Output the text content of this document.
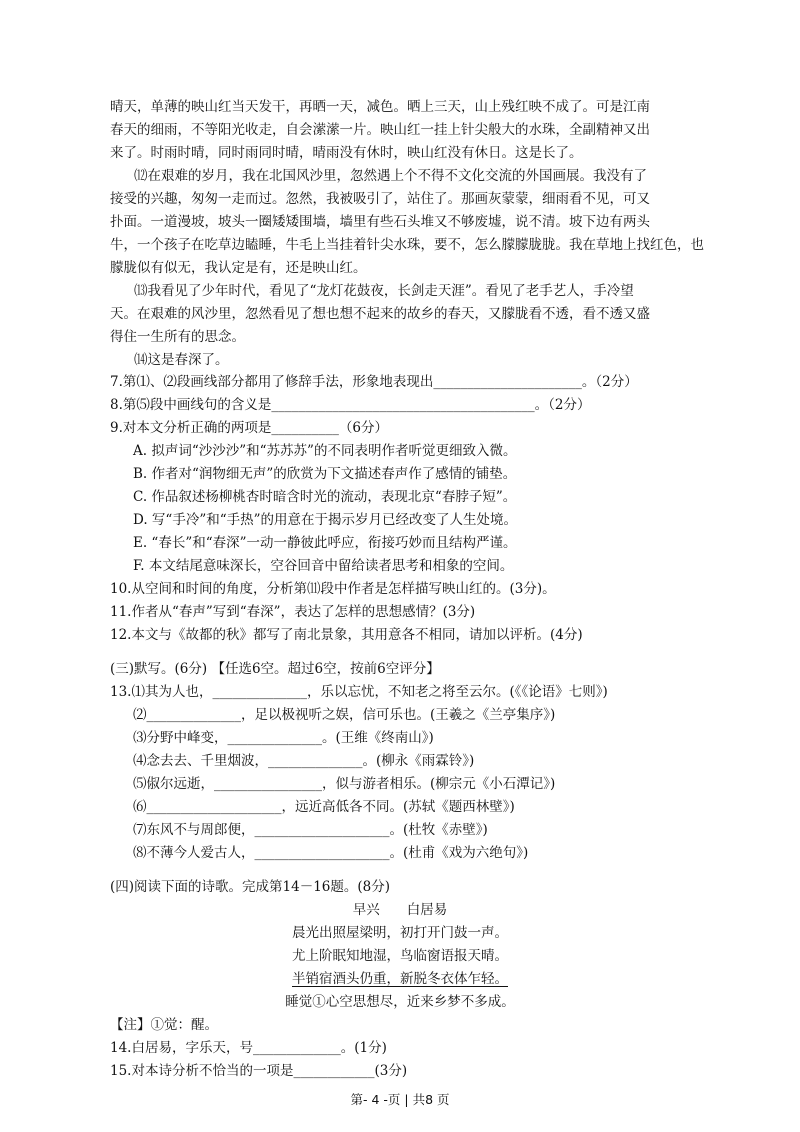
晴天，单薄的映山红当天发干，再晒一天，减色。晒上三天，山上残红映不成了。可是江南
春天的细雨，不等阳光收走，自会潆潆一片。映山红一挂上针尖般大的水珠，全副精神又出
来了。时雨时晴，同时雨同时晴，晴雨没有休时，映山红没有休日。这是长了。
⑿在艰难的岁月，我在北国风沙里，忽然遇上个不得不文化交流的外国画展。我没有了
接受的兴趣，匆匆一走而过。忽然，我被吸引了，站住了。那画灰蒙蒙，细雨看不见，可又
扑面。一道漫坡，坡头一圈矮矮围墙，墙里有些石头堆又不够废墟，说不清。坡下边有两头
牛，一个孩子在吃草边瞌睡，牛毛上当挂着针尖水珠，要不，怎么朦朦胧胧。我在草地上找红色，也
朦胧似有似无，我认定是有，还是映山红。
⒀我看见了少年时代，看见了“龙灯花鼓夜，长剑走天涯”。看见了老手艺人，手冷望
天。在艰难的风沙里，忽然看见了想也想不起来的故乡的春天，又朦胧看不透，看不透又盛
得住一生所有的思念。
⒁这是春深了。
7.第⑴、⑵段画线部分都用了修辞手法，形象地表现出______________________。（2分）
8.第⑸段中画线句的含义是_______________________________________。（2分）
9.对本文分析正确的两项是__________（6分）
A. 拟声词“沙沙沙”和“苏苏苏”的不同表明作者听觉更细致入微。
B. 作者对“润物细无声”的欣赏为下文描述春声作了感情的铺垫。
C. 作品叙述杨柳桃杏时暗含时光的流动，表现北京“春脖子短”。
D. 写“手冷”和“手热”的用意在于揭示岁月已经改变了人生处境。
E. “春长”和“春深”一动一静彼此呼应，衔接巧妙而且结构严谨。
F. 本文结尾意味深长，空谷回音中留给读者思考和相象的空间。
10.从空间和时间的角度，分析第⑾段中作者是怎样描写映山红的。(3分)。
11.作者从“春声”写到“春深”，表达了怎样的思想感情？(3分)
12.本文与《故都的秋》都写了南北景象，其用意各不相同，请加以评析。(4分)
(三)默写。(6分) 【任选6空。超过6空，按前6空评分】
13.⑴其为人也，______________，乐以忘忧，不知老之将至云尔。(《《论语》七则》)
⑵______________，足以极视听之娱，信可乐也。(王羲之《兰亭集序》)
⑶分野中峰变，______________。(王维《终南山》)
⑷念去去、千里烟波，______________。(柳永《雨霖铃》)
⑸俶尔远逝，________________，似与游者相乐。(柳宗元《小石潭记》)
⑹____________________，远近高低各不同。(苏轼《题西林壁》)
⑺东风不与周郎便，____________________。(杜牧《赤壁》)
⑻不薄今人爱古人，____________________。(杜甫《戏为六绝句》)
(四)阅读下面的诗歌。完成第14－16题。(8分)
早兴　　白居易
晨光出照屋梁明，初打开门鼓一声。
尤上阶眠知地湿，鸟临窗语报天晴。
半销宿酒头仍重，新脱冬衣体乍轻。
睡觉①心空思想尽，近来乡梦不多成。
【注】①觉：醒。
14.白居易，字乐天，号_____________。(1分)
15.对本诗分析不恰当的一项是____________(3分)
第- 4 -页 | 共8 页
